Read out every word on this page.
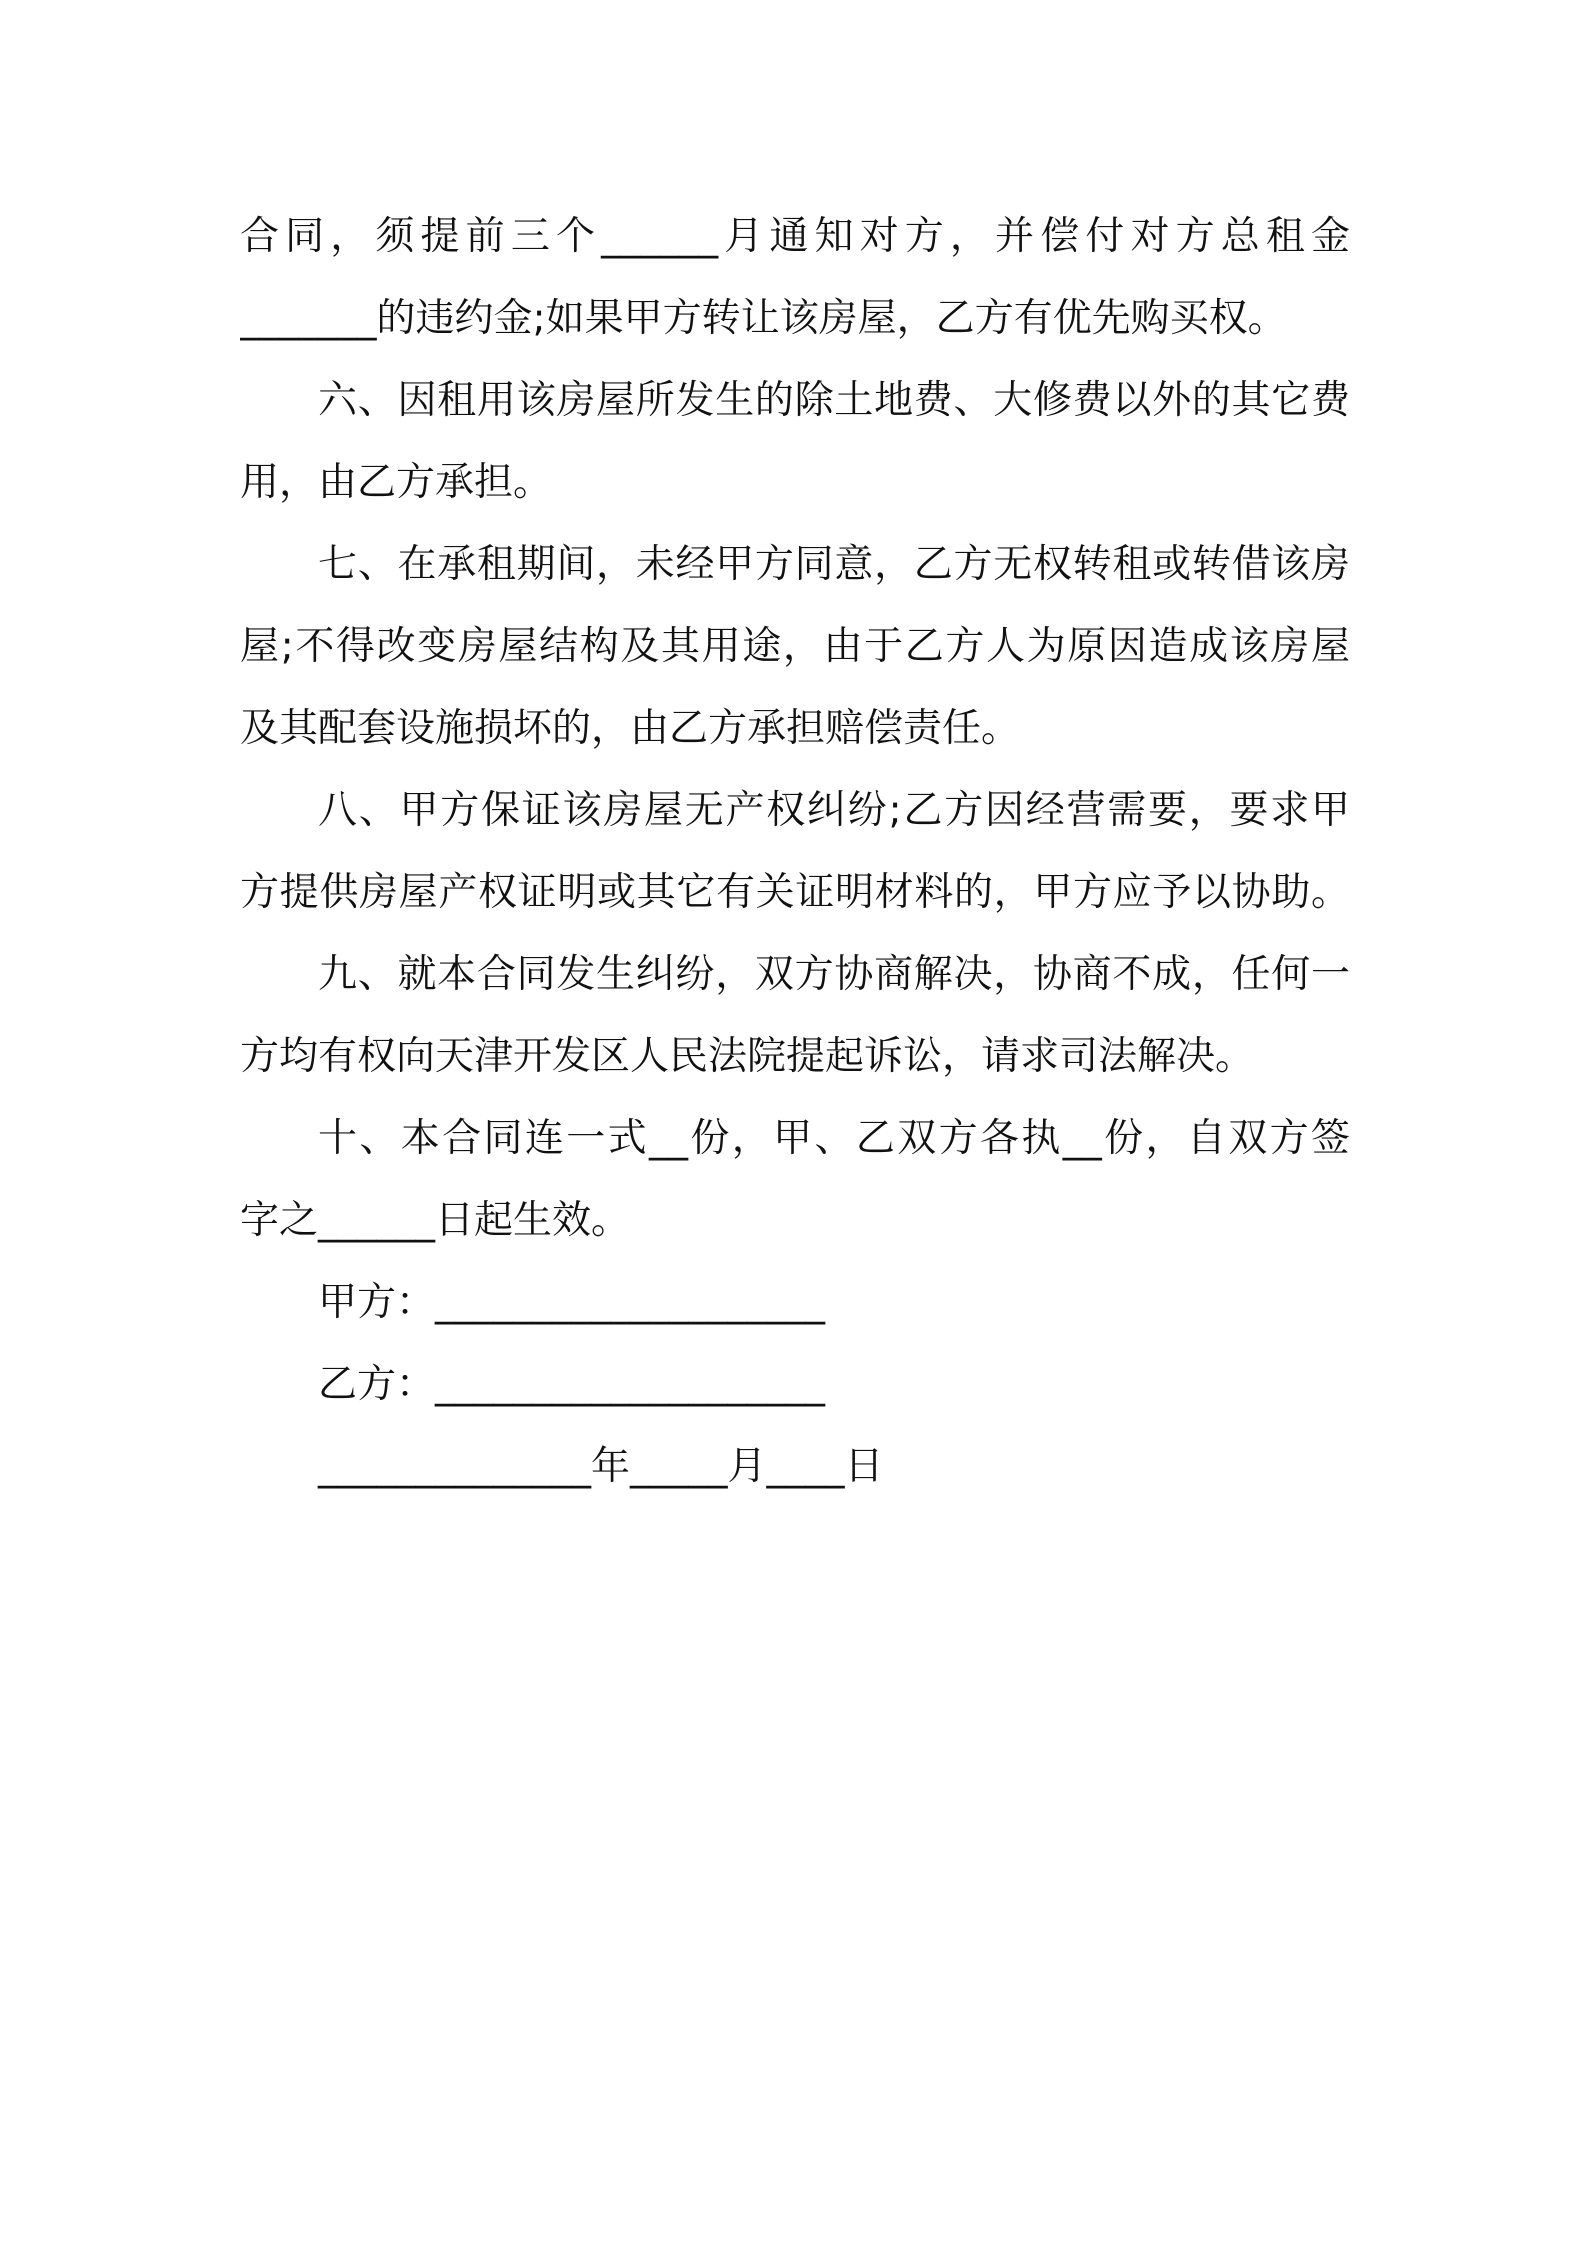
合同，须提前三个______月通知对方，并偿付对方总租金
_______的违约金;如果甲方转让该房屋，乙方有优先购买权。
六、因租用该房屋所发生的除土地费、大修费以外的其它费
用，由乙方承担。
七、在承租期间，未经甲方同意，乙方无权转租或转借该房
屋;不得改变房屋结构及其用途，由于乙方人为原因造成该房屋
及其配套设施损坏的，由乙方承担赔偿责任。
八、甲方保证该房屋无产权纠纷;乙方因经营需要，要求甲
方提供房屋产权证明或其它有关证明材料的，甲方应予以协助。
九、就本合同发生纠纷，双方协商解决，协商不成，任何一
方均有权向天津开发区人民法院提起诉讼，请求司法解决。
十、本合同连一式__份，甲、乙双方各执__份，自双方签
字之______日起生效。
甲方：____________________
乙方：____________________
______________年_____月____日
